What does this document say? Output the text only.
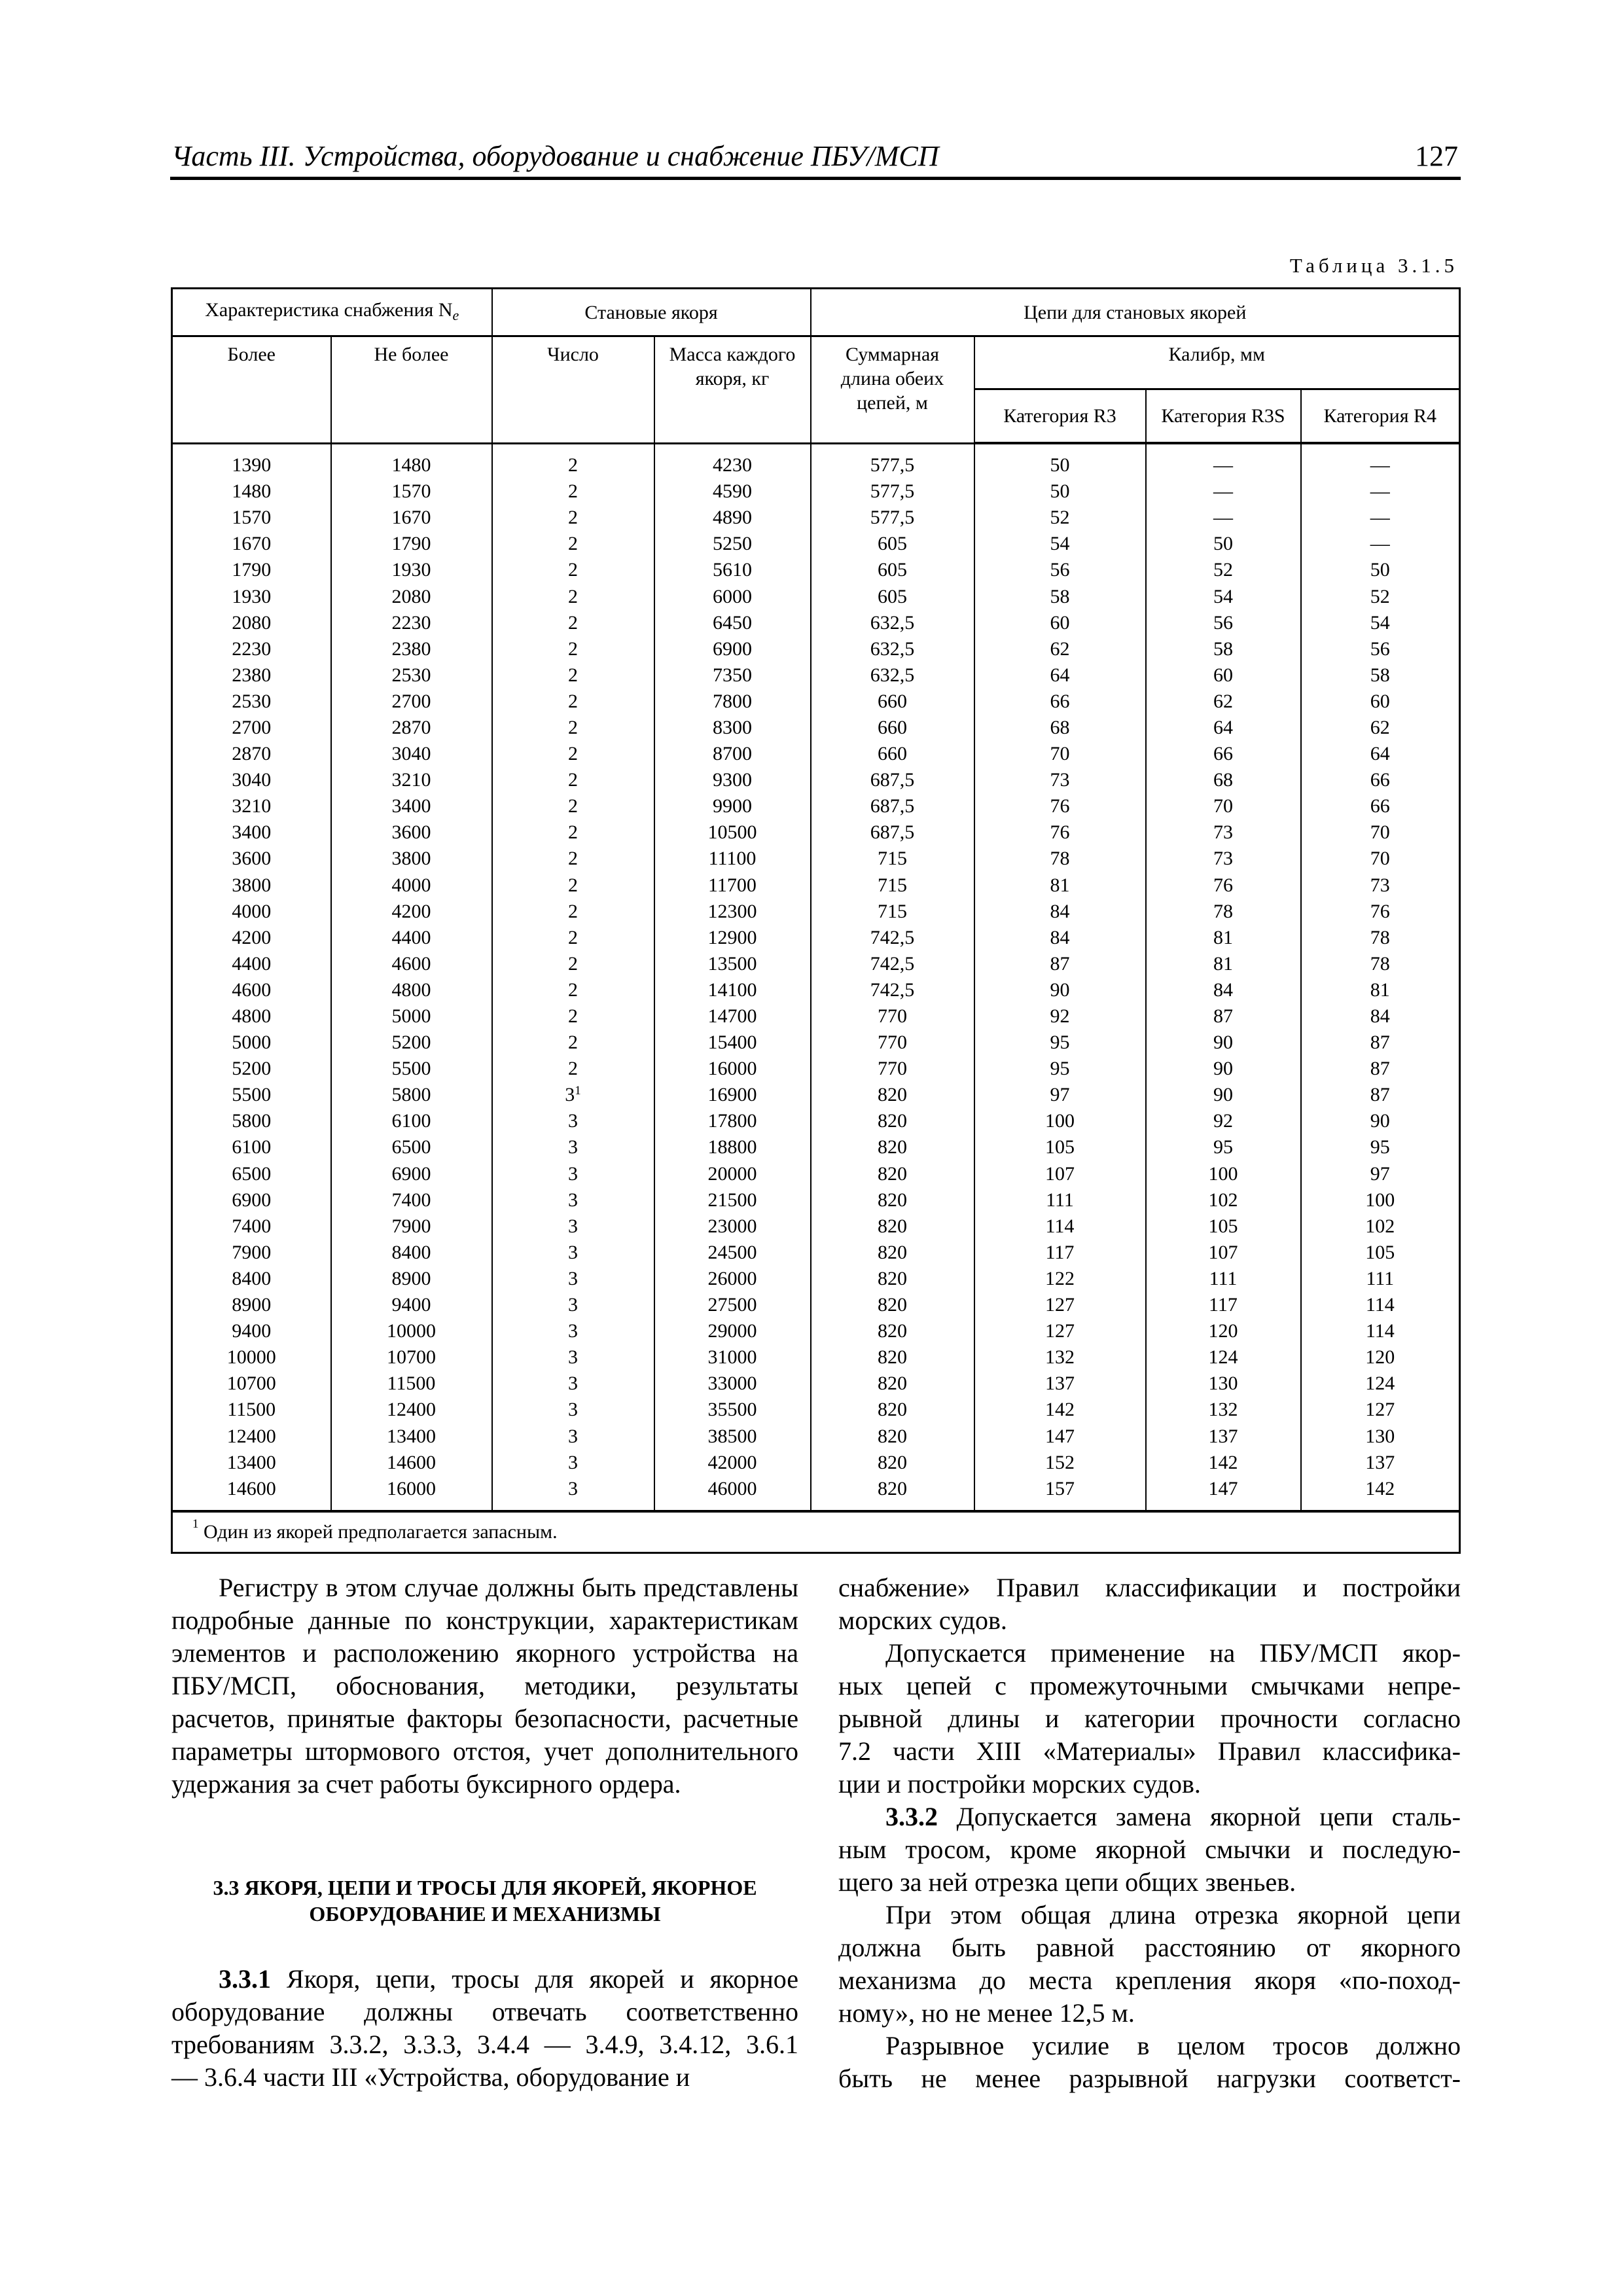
Часть III. Устройства, оборудование и снабжение ПБУ/МСП	127
Таблица 3.1.5
Характеристика снабжения $N_e$		Становые якоря		Цепи для становых якорей			
Более	Не более	Число	Масса каждого якоря, кг	Суммарная длина обеих цепей, м	Калибр, мм		
					Категория R3	Категория R3S	Категория R4

1390	1480	2	4230	577,5	50	—	—
1480	1570	2	4590	577,5	50	—	—
1570	1670	2	4890	577,5	52	—	—
1670	1790	2	5250	605	54	50	—
1790	1930	2	5610	605	56	52	50
1930	2080	2	6000	605	58	54	52
2080	2230	2	6450	632,5	60	56	54
2230	2380	2	6900	632,5	62	58	56
2380	2530	2	7350	632,5	64	60	58
2530	2700	2	7800	660	66	62	60
2700	2870	2	8300	660	68	64	62
2870	3040	2	8700	660	70	66	64
3040	3210	2	9300	687,5	73	68	66
3210	3400	2	9900	687,5	76	70	66
3400	3600	2	10500	687,5	76	73	70
3600	3800	2	11100	715	78	73	70
3800	4000	2	11700	715	81	76	73
4000	4200	2	12300	715	84	78	76
4200	4400	2	12900	742,5	84	81	78
4400	4600	2	13500	742,5	87	81	78
4600	4800	2	14100	742,5	90	84	81
4800	5000	2	14700	770	92	87	84
5000	5200	2	15400	770	95	90	87
5200	5500	2	16000	770	95	90	87
5500	5800	$3^1$	16900	820	97	90	87
5800	6100	3	17800	820	100	92	90
6100	6500	3	18800	820	105	95	95
6500	6900	3	20000	820	107	100	97
6900	7400	3	21500	820	111	102	100
7400	7900	3	23000	820	114	105	102
7900	8400	3	24500	820	117	107	105
8400	8900	3	26000	820	122	111	111
8900	9400	3	27500	820	127	117	114
9400	10000	3	29000	820	127	120	114
10000	10700	3	31000	820	132	124	120
10700	11500	3	33000	820	137	130	124
11500	12400	3	35500	820	142	132	127
12400	13400	3	38500	820	147	137	130
13400	14600	3	42000	820	152	142	137
14600	16000	3	46000	820	157	147	142

$^1$ Один из якорей предполагается запасным.							
Регистру в этом случае должны быть представлены
подробные данные по конструкции, характеристикам
элементов и расположению якорного устройства на
ПБУ/МСП, обоснования, методики, результаты
расчетов, принятые факторы безопасности, расчетные
параметры штормового отстоя, учет дополнительного
удержания за счет работы буксирного ордера.
3.3 ЯКОРЯ, ЦЕПИ И ТРОСЫ ДЛЯ ЯКОРЕЙ, ЯКОРНОЕ
ОБОРУДОВАНИЕ И МЕХАНИЗМЫ
3.3.1 Якоря, цепи, тросы для якорей и якорное
оборудование должны отвечать соответственно
требованиям 3.3.2, 3.3.3, 3.4.4 — 3.4.9, 3.4.12, 3.6.1
— 3.6.4 части III «Устройства, оборудование и
снабжение» Правил классификации и постройки
морских судов.
Допускается применение на ПБУ/МСП якор-
ных цепей с промежуточными смычками непре-
рывной длины и категории прочности согласно
7.2 части XIII «Материалы» Правил классифика-
ции и постройки морских судов.
3.3.2 Допускается замена якорной цепи сталь-
ным тросом, кроме якорной смычки и последую-
щего за ней отрезка цепи общих звеньев.
При этом общая длина отрезка якорной цепи
должна быть равной расстоянию от якорного
механизма до места крепления якоря «по-поход-
ному», но не менее 12,5 м.
Разрывное усилие в целом тросов должно
быть не менее разрывной нагрузки соответст-
